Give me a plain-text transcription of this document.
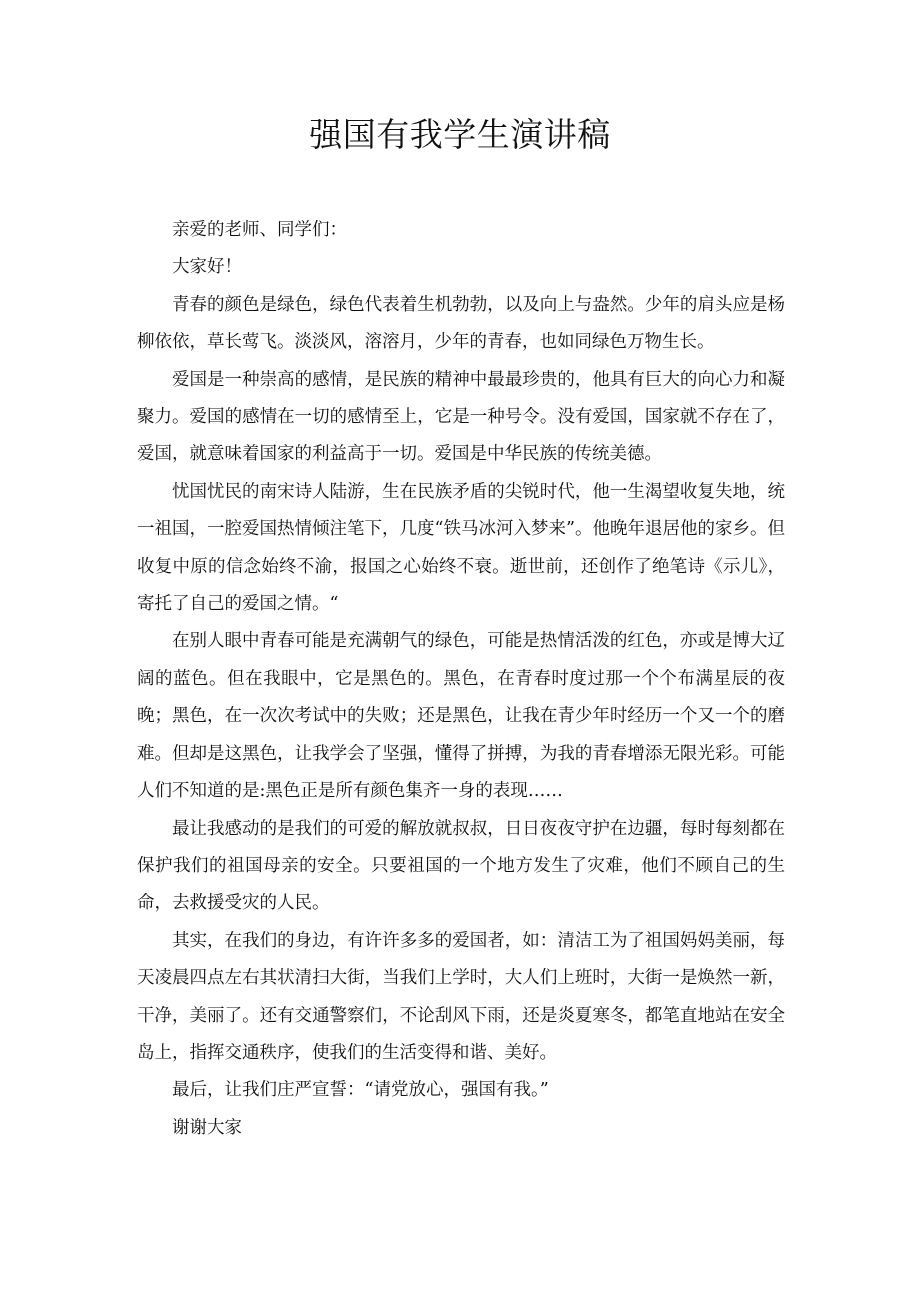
强国有我学生演讲稿

亲爱的老师、同学们：

大家好！

青春的颜色是绿色，绿色代表着生机勃勃，以及向上与盎然。少年的肩头应是杨柳依依，草长莺飞。淡淡风，溶溶月，少年的青春，也如同绿色万物生长。

爱国是一种崇高的感情，是民族的精神中最最珍贵的，他具有巨大的向心力和凝聚力。爱国的感情在一切的感情至上，它是一种号令。没有爱国，国家就不存在了，爱国，就意味着国家的利益高于一切。爱国是中华民族的传统美德。

忧国忧民的南宋诗人陆游，生在民族矛盾的尖锐时代，他一生渴望收复失地，统一祖国，一腔爱国热情倾注笔下，几度“铁马冰河入梦来”。他晚年退居他的家乡。但收复中原的信念始终不渝，报国之心始终不衰。逝世前，还创作了绝笔诗《示儿》，寄托了自己的爱国之情。“

在别人眼中青春可能是充满朝气的绿色，可能是热情活泼的红色，亦或是博大辽阔的蓝色。但在我眼中，它是黑色的。黑色，在青春时度过那一个个布满星辰的夜晚；黑色，在一次次考试中的失败；还是黑色，让我在青少年时经历一个又一个的磨难。但却是这黑色，让我学会了坚强，懂得了拼搏，为我的青春增添无限光彩。可能人们不知道的是:黑色正是所有颜色集齐一身的表现……

最让我感动的是我们的可爱的解放就叔叔，日日夜夜守护在边疆，每时每刻都在保护我们的祖国母亲的安全。只要祖国的一个地方发生了灾难，他们不顾自己的生命，去救援受灾的人民。

其实，在我们的身边，有许许多多的爱国者，如：清洁工为了祖国妈妈美丽，每天凌晨四点左右其状清扫大街，当我们上学时，大人们上班时，大街一是焕然一新，干净，美丽了。还有交通警察们，不论刮风下雨，还是炎夏寒冬，都笔直地站在安全岛上，指挥交通秩序，使我们的生活变得和谐、美好。

最后，让我们庄严宣誓：“请党放心，强国有我。”

谢谢大家
